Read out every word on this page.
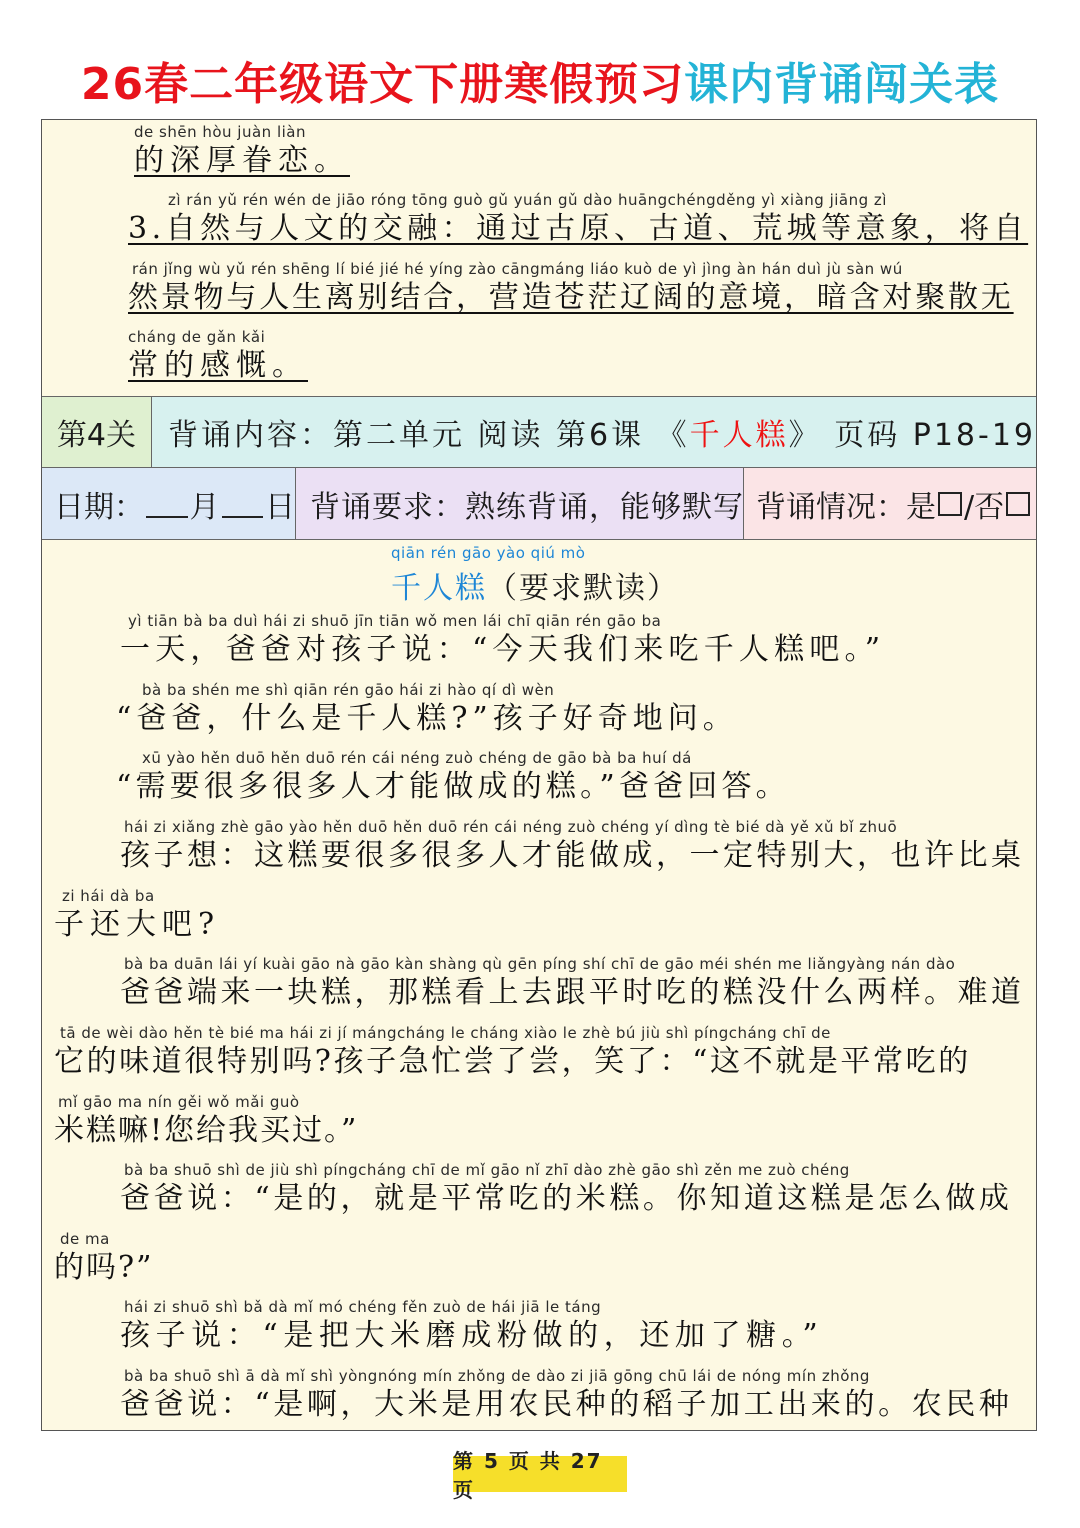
26春二年级语文下册寒假预习课内背诵闯关表
de shēn hòu juàn liàn
的深厚眷恋。
zì rán yǔ rén wén de jiāo róng tōng guò gǔ yuán gǔ dào huāngchéngděng yì xiàng jiāng zì
3.自然与人文的交融：通过古原、古道、荒城等意象，将自
rán jǐng wù yǔ rén shēng lí bié jié hé yíng zào cāngmáng liáo kuò de yì jìng àn hán duì jù sàn wú
然景物与人生离别结合，营造苍茫辽阔的意境，暗含对聚散无
cháng de gǎn kǎi
常的感慨。
第4关	背诵内容：第二单元 阅读 第6课 《 千人糕 》 页码 P18-19
日期： 月 日 背诵要求：熟练背诵，能够默写 背诵情况：是 /否
qiān rén gāo yào qiú mò
千人糕（要求默读）
yì tiān bà ba duì hái zi shuō jīn tiān wǒ men lái chī qiān rén gāo ba
一天，爸爸对孩子说：“今天我们来吃千人糕吧。”
bà ba shén me shì qiān rén gāo hái zi hào qí dì wèn
“爸爸，什么是千人糕?”孩子好奇地问。
xū yào hěn duō hěn duō rén cái néng zuò chéng de gāo bà ba huí dá
“需要很多很多人才能做成的糕。”爸爸回答。
hái zi xiǎng zhè gāo yào hěn duō hěn duō rén cái néng zuò chéng yí dìng tè bié dà yě xǔ bǐ zhuō
孩子想：这糕要很多很多人才能做成，一定特别大，也许比桌
zi hái dà ba
子还大吧?
bà ba duān lái yí kuài gāo nà gāo kàn shàng qù gēn píng shí chī de gāo méi shén me liǎngyàng nán dào
爸爸端来一块糕，那糕看上去跟平时吃的糕没什么两样。难道
tā de wèi dào hěn tè bié ma hái zi jí mángcháng le cháng xiào le zhè bú jiù shì píngcháng chī de
它的味道很特别吗?孩子急忙尝了尝，笑了：“这不就是平常吃的
mǐ gāo ma nín gěi wǒ mǎi guò
米糕嘛!您给我买过。”
bà ba shuō shì de jiù shì píngcháng chī de mǐ gāo nǐ zhī dào zhè gāo shì zěn me zuò chéng
爸爸说：“是的，就是平常吃的米糕。你知道这糕是怎么做成
de ma
的吗?”
hái zi shuō shì bǎ dà mǐ mó chéng fěn zuò de hái jiā le táng
孩子说：“是把大米磨成粉做的，还加了糖。”
bà ba shuō shì ā dà mǐ shì yòngnóng mín zhǒng de dào zi jiā gōng chū lái de nóng mín zhǒng
爸爸说：“是啊，大米是用农民种的稻子加工出来的。农民种
第 5 页 共 27 页
